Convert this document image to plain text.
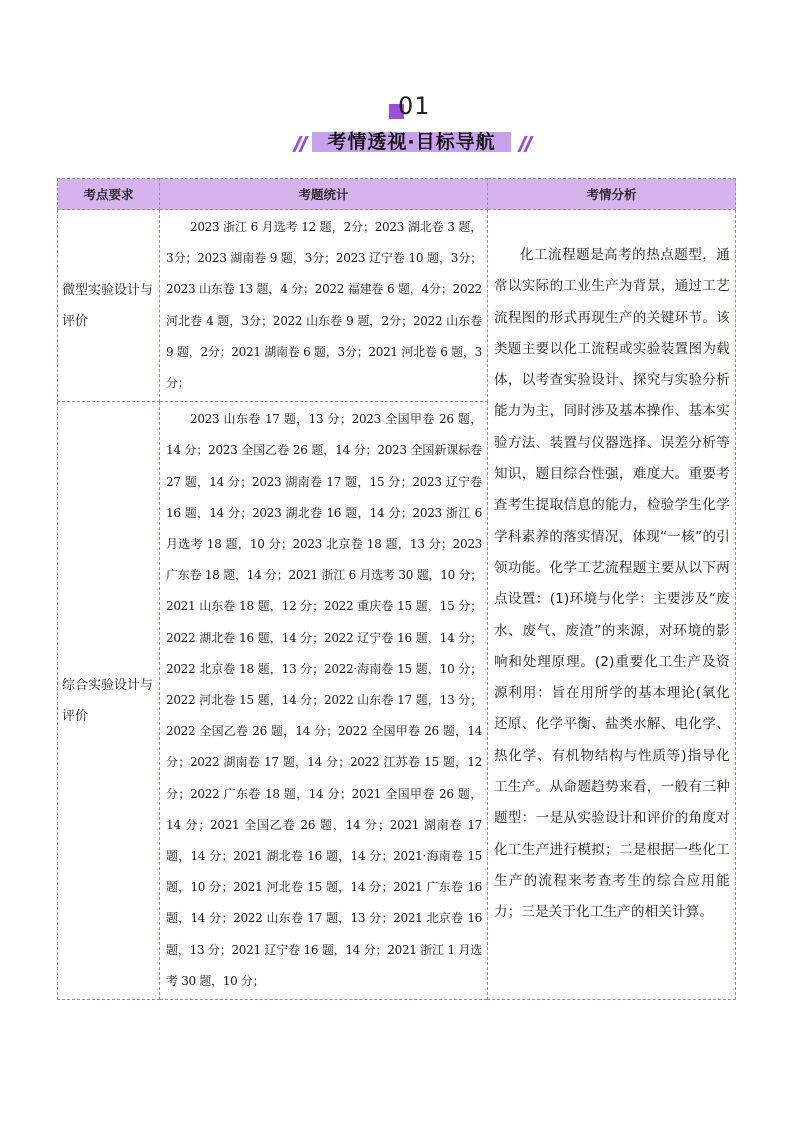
01
考情透视·目标导航
考点要求	考题统计	考情分析
微型实验设计与评价	2023 浙江 6 月选考 12 题，2分；2023 湖北卷 3 题，3分；2023 湖南卷 9 题，3分；2023 辽宁卷 10 题，3分；2023 山东卷 13 题，4 分；2022 福建卷 6 题，4分；2022 河北卷 4 题，3分；2022 山东卷 9 题，2分；2022 山东卷 9 题，2分；2021 湖南卷 6 题，3分；2021 河北卷 6 题，3分；	化工流程题是高考的热点题型，通常以实际的工业生产为背景，通过工艺流程图的形式再现生产的关键环节。该类题主要以化工流程或实验装置图为载体，以考查实验设计、探究与实验分析能力为主，同时涉及基本操作、基本实验方法、装置与仪器选择、误差分析等知识，题目综合性强，难度大。重要考查考生提取信息的能力，检验学生化学学科素养的落实情况，体现“一核”的引领功能。化学工艺流程题主要从以下两点设置：(1)环境与化学：主要涉及“废水、废气、废渣”的来源，对环境的影响和处理原理。(2)重要化工生产及资源利用：旨在用所学的基本理论(氧化还原、化学平衡、盐类水解、电化学、热化学、有机物结构与性质等)指导化工生产。从命题趋势来看，一般有三种题型：一是从实验设计和评价的角度对化工生产进行模拟；二是根据一些化工生产的流程来考查考生的综合应用能力；三是关于化工生产的相关计算。

综合实验设计与评价	2023 山东卷 17 题，13 分；2023 全国甲卷 26 题，14 分；2023 全国乙卷 26 题，14 分；2023 全国新课标卷 27 题，14 分；2023 湖南卷 17 题，15 分；2023 辽宁卷 16 题，14 分；2023 湖北卷 16 题，14 分；2023 浙江 6 月选考 18 题，10 分；2023 北京卷 18 题，13 分；2023 广东卷 18 题，14 分；2021 浙江 6 月选考 30 题，10 分；2021 山东卷 18 题，12 分；2022 重庆卷 15 题，15 分；2022 湖北卷 16 题，14 分；2022 辽宁卷 16 题，14 分；2022 北京卷 18 题，13 分；2022·海南卷 15 题，10 分；2022 河北卷 15 题，14 分；2022 山东卷 17 题，13 分；2022 全国乙卷 26 题，14 分；2022 全国甲卷 26 题，14 分；2022 湖南卷 17 题，14 分；2022 江苏卷 15 题，12 分；2022 广东卷 18 题，14 分；2021 全国甲卷 26 题，14 分；2021 全国乙卷 26 题，14 分；2021 湖南卷 17 题，14 分；2021 湖北卷 16 题，14 分；2021·海南卷 15 题，10 分；2021 河北卷 15 题，14 分；2021 广东卷 16 题，14 分；2022 山东卷 17 题，13 分；2021 北京卷 16 题，13 分；2021 辽宁卷 16 题，14 分；2021 浙江 1 月选考 30 题，10 分；	
